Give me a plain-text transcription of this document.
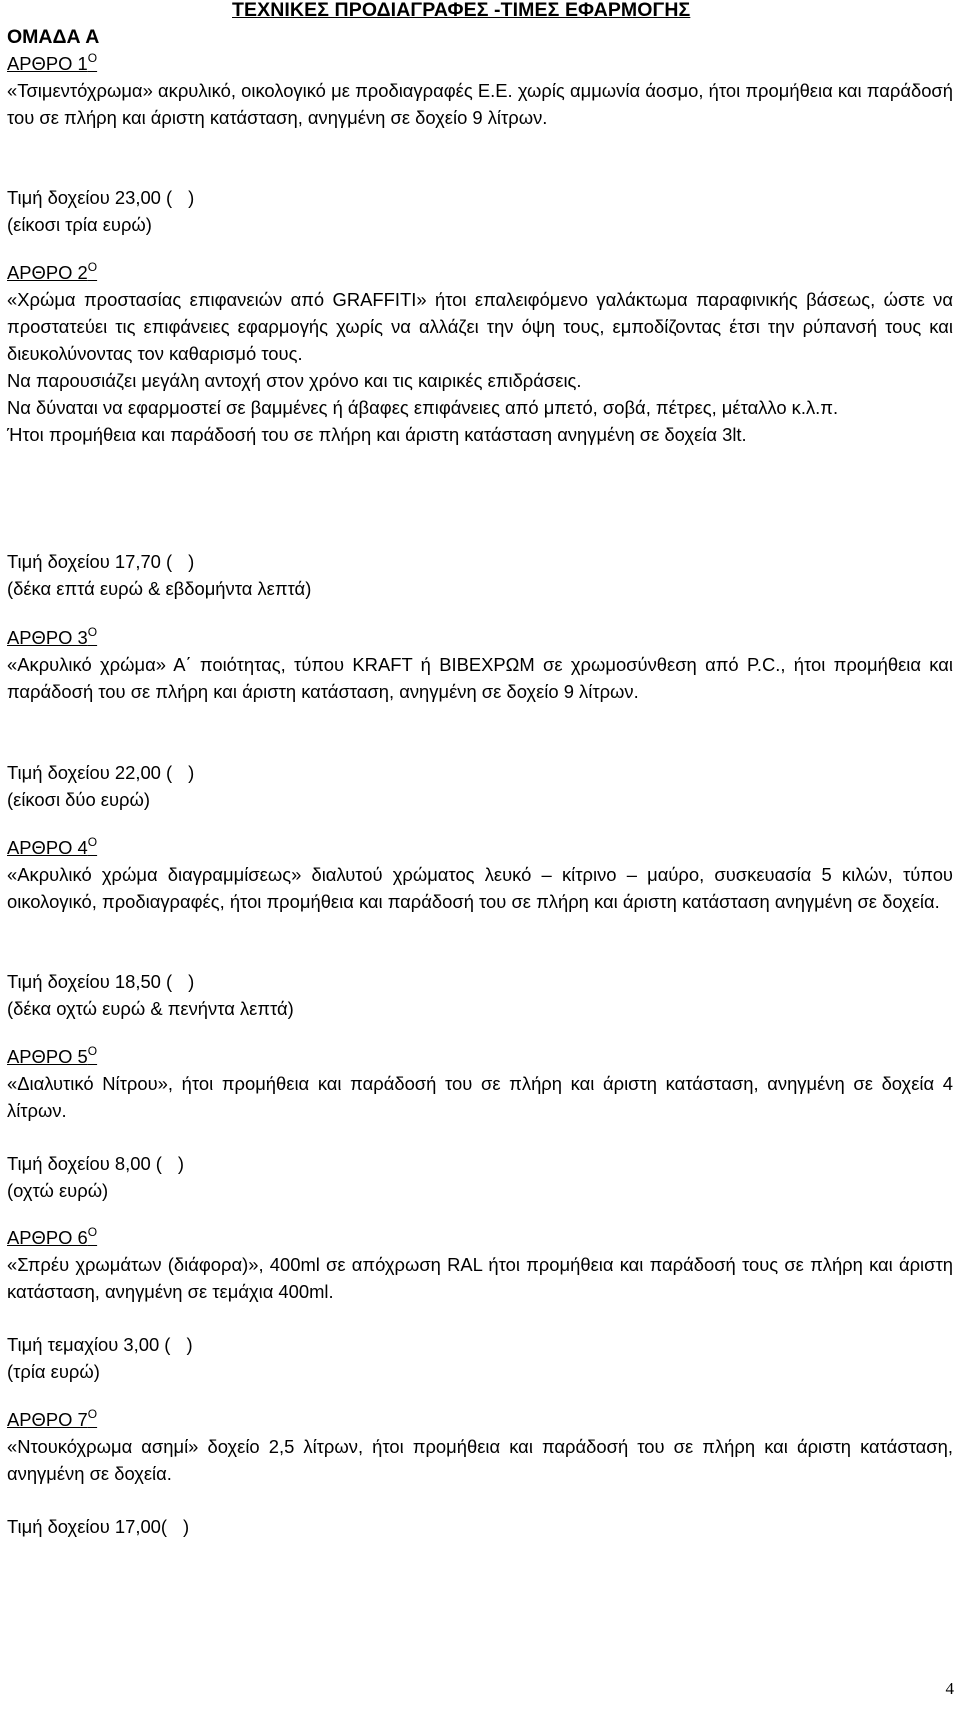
ΤΕΧΝΙΚΕΣ ΠΡΟΔΙΑΓΡΑΦΕΣ -ΤΙΜΕΣ ΕΦΑΡΜΟΓΗΣ
ΟΜΑΔΑ Α

ΑΡΘΡΟ $1^O$

«Τσιμεντόχρωμα» ακρυλικό, οικολογικό με προδιαγραφές Ε.Ε. χωρίς αμμωνία άοσμο, ήτοι προμήθεια και παράδοσή του σε πλήρη και άριστη κατάσταση, ανηγμένη σε δοχείο 9 λίτρων.

Τιμή δοχείου 23,00 ( )

(είκοσι τρία ευρώ)

ΑΡΘΡΟ $2^O$

«Χρώμα προστασίας επιφανειών από GRAFFITI» ήτοι επαλειφόμενο γαλάκτωμα παραφινικής βάσεως, ώστε να προστατεύει τις επιφάνειες εφαρμογής χωρίς να αλλάζει την όψη τους, εμποδίζοντας έτσι την ρύπανσή τους και διευκολύνοντας τον καθαρισμό τους.

Να παρουσιάζει μεγάλη αντοχή στον χρόνο και τις καιρικές επιδράσεις.

Να δύναται να εφαρμοστεί σε βαμμένες ή άβαφες επιφάνειες από μπετό, σοβά, πέτρες, μέταλλο κ.λ.π.

Ήτοι προμήθεια και παράδοσή του σε πλήρη και άριστη κατάσταση ανηγμένη σε δοχεία 3lt.

Τιμή δοχείου 17,70 ( )

(δέκα επτά ευρώ & εβδομήντα λεπτά)

ΑΡΘΡΟ $3^O$

«Ακρυλικό χρώμα» Α΄ ποιότητας, τύπου KRAFT ή ΒΙΒΕΧΡΩΜ σε χρωμοσύνθεση από Ρ.C., ήτοι προμήθεια και παράδοσή του σε πλήρη και άριστη κατάσταση, ανηγμένη σε δοχείο 9 λίτρων.

Τιμή δοχείου 22,00 ( )

(είκοσι δύο ευρώ)

ΑΡΘΡΟ $4^O$

«Ακρυλικό χρώμα διαγραμμίσεως» διαλυτού χρώματος λευκό – κίτρινο – μαύρο, συσκευασία 5 κιλών, τύπου οικολογικό, προδιαγραφές, ήτοι προμήθεια και παράδοσή του σε πλήρη και άριστη κατάσταση ανηγμένη σε δοχεία.

Τιμή δοχείου 18,50 ( )

(δέκα οχτώ ευρώ & πενήντα λεπτά)

ΑΡΘΡΟ $5^O$

«Διαλυτικό Νίτρου», ήτοι προμήθεια και παράδοσή του σε πλήρη και άριστη κατάσταση, ανηγμένη σε δοχεία 4 λίτρων.

Τιμή δοχείου 8,00 ( )

(οχτώ ευρώ)

ΑΡΘΡΟ $6^O$

«Σπρέυ χρωμάτων (διάφορα)», 400ml σε απόχρωση RAL ήτοι προμήθεια και παράδοσή τους σε πλήρη και άριστη κατάσταση, ανηγμένη σε τεμάχια 400ml.

Τιμή τεμαχίου 3,00 ( )

(τρία ευρώ)

ΑΡΘΡΟ $7^O$

«Ντουκόχρωμα ασημί» δοχείο 2,5 λίτρων, ήτοι προμήθεια και παράδοσή του σε πλήρη και άριστη κατάσταση, ανηγμένη σε δοχεία.

Τιμή δοχείου 17,00( )

4
